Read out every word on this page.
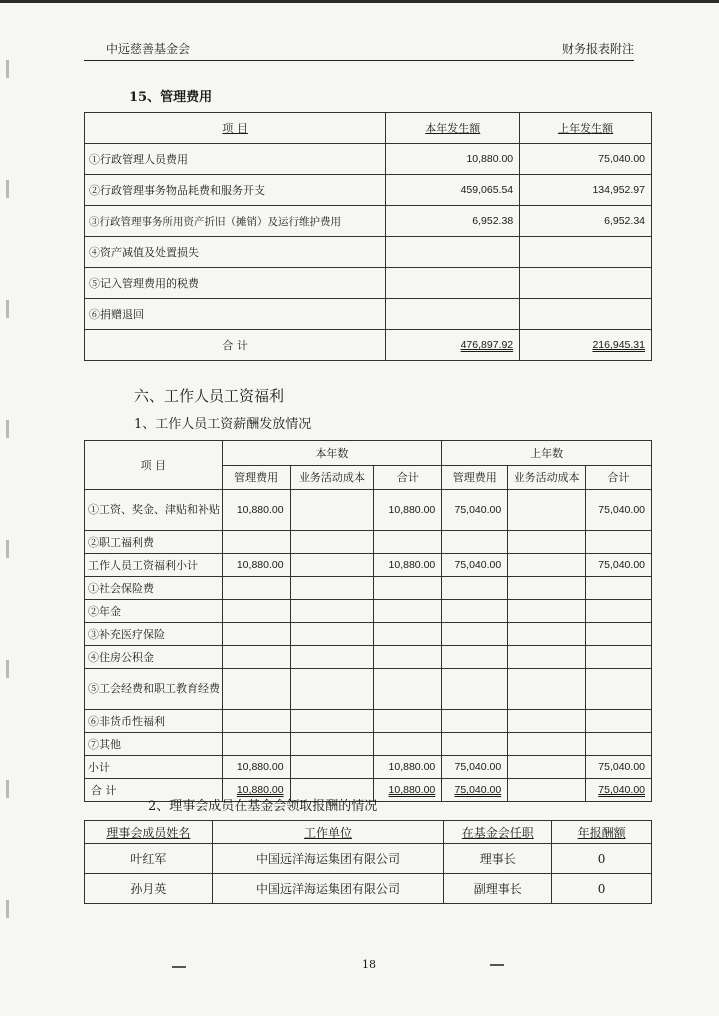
中远慈善基金会	财务报表附注
15、管理费用
项 目	本年发生额	上年发生额
①行政管理人员费用	10,880.00	75,040.00
②行政管理事务物品耗费和服务开支	459,065.54	134,952.97
③行政管理事务所用资产折旧（摊销）及运行维护费用	6,952.38	6,952.34
④资产减值及处置损失		
⑤记入管理费用的税费		
⑥捐赠退回		
合 计	476,897.92	216,945.31
六、工作人员工资福利
1、工作人员工资薪酬发放情况
项 目	本年数			上年数		
	管理费用	业务活动成本	合计	管理费用	业务活动成本	合计
①工资、奖金、津贴和补贴	10,880.00		10,880.00	75,040.00		75,040.00
②职工福利费						
工作人员工资福利小计	10,880.00		10,880.00	75,040.00		75,040.00
①社会保险费						
②年金						
③补充医疗保险						
④住房公积金						
⑤工会经费和职工教育经费						
⑥非货币性福利						
⑦其他						
小计	10,880.00		10,880.00	75,040.00		75,040.00
合 计	10,880.00		10,880.00	75,040.00		75,040.00
2、理事会成员在基金会领取报酬的情况
理事会成员姓名	工作单位	在基金会任职	年报酬额
叶红军	中国远洋海运集团有限公司	理事长	0
孙月英	中国远洋海运集团有限公司	副理事长	0
18
